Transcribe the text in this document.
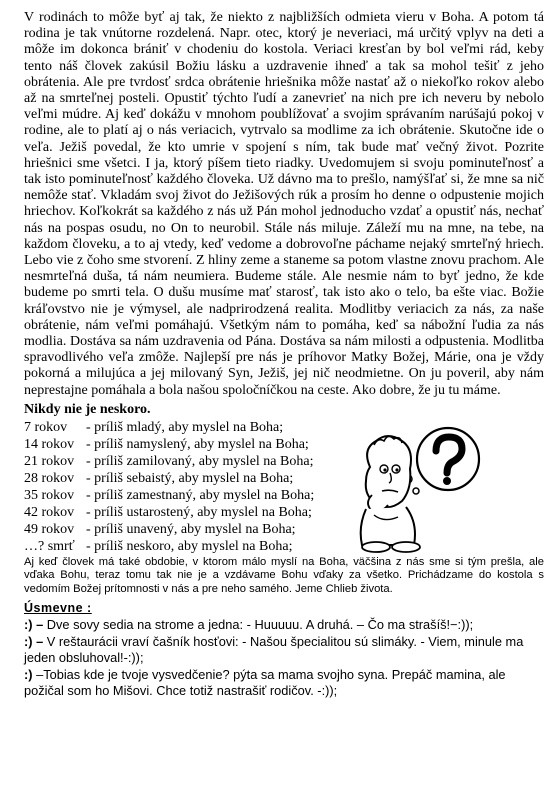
V rodinách to môže byť aj tak, že niekto z najbližších odmieta vieru v Boha. A potom tá rodina je tak vnútorne rozdelená. Napr. otec, ktorý je neveriaci, má určitý vplyv na deti a môže im dokonca brániť v chodeniu do kostola. Veriaci kresťan by bol veľmi rád, keby tento náš človek zakúsil Božiu lásku a uzdravenie ihneď a tak sa mohol tešiť z jeho obrátenia. Ale pre tvrdosť srdca obrátenie hriešnika môže nastať až o niekoľko rokov alebo až na smrteľnej posteli. Opustiť týchto ľudí a zanevrieť na nich pre ich neveru by nebolo veľmi múdre. Aj keď dokážu v mnohom poublížovať a svojim správaním narúšajú pokoj v rodine, ale to platí aj o nás veriacich, vytrvalo sa modlime za ich obrátenie. Skutočne ide o veľa. Ježiš povedal, že kto umrie v spojení s ním, tak bude mať večný život. Pozrite hriešnici sme všetci. I ja, ktorý píšem tieto riadky. Uvedomujem si svoju pominuteľnosť a tak isto pominuteľnosť každého človeka. Už dávno ma to prešlo, namýšľať si, že mne sa nič nemôže stať. Vkladám svoj život do Ježišových rúk a prosím ho denne o odpustenie mojich hriechov. Koľkokrát sa každého z nás už Pán mohol jednoducho vzdať a opustiť nás, nechať nás na pospas osudu, no On to neurobil. Stále nás miluje. Záleží mu na mne, na tebe, na každom človeku, a to aj vtedy, keď vedome a dobrovoľne páchame nejaký smrteľný hriech. Lebo vie z čoho sme stvorení. Z hliny zeme a staneme sa potom vlastne znovu prachom. Ale nesmrteľná duša, tá nám neumiera. Budeme stále. Ale nesmie nám to byť jedno, že kde budeme po smrti tela. O dušu musíme mať starosť, tak isto ako o telo, ba ešte viac. Božie kráľovstvo nie je výmysel, ale nadprirodzená realita. Modlitby veriacich za nás, za naše obrátenie, nám veľmi pomáhajú. Všetkým nám to pomáha, keď sa nábožní ľudia za nás modlia. Dostáva sa nám uzdravenia od Pána. Dostáva sa nám milosti a odpustenia. Modlitba spravodlivého veľa zmôže. Najlepší pre nás je príhovor Matky Božej, Márie, ona je vždy pokorná a milujúca a jej milovaný Syn, Ježiš, jej nič neodmietne. On ju poveril, aby nám neprestajne pomáhala a bola našou spoločníčkou na ceste. Ako dobre, že ju tu máme.

Nikdy nie je neskoro.

7 rokov	- príliš mladý, aby myslel na Boha;
14 rokov - príliš namyslený, aby myslel na Boha;
21 rokov - príliš zamilovaný, aby myslel na Boha;
28 rokov - príliš sebaistý, aby myslel na Boha;
35 rokov - príliš zamestnaný, aby myslel na Boha;
42 rokov - príliš ustarostený, aby myslel na Boha;
49 rokov - príliš unavený, aby myslel na Boha;
…? smrť - príliš neskoro, aby myslel na Boha;

Aj keď človek má také obdobie, v ktorom málo myslí na Boha, väčšina z nás sme si tým prešla, ale vďaka Bohu, teraz tomu tak nie je a vzdávame Bohu vďaky za všetko. Prichádzame do kostola s vedomím Božej prítomnosti v nás a pre neho samého. Jeme Chlieb života.

Úsmevne :

:) – Dve sovy sedia na strome a jedna: - Huuuuu. A druhá. – Čo ma strašíš!−:));

:) – V reštaurácii vraví čašník hosťovi: - Našou špecialitou sú slimáky. - Viem, minule ma jeden obsluhoval!-:));

:) –Tobias kde je tvoje vysvedčenie? pýta sa mama svojho syna. Prepáč mamina, ale požičal som ho Mišovi. Chce totiž nastrašiť rodičov. -:));
